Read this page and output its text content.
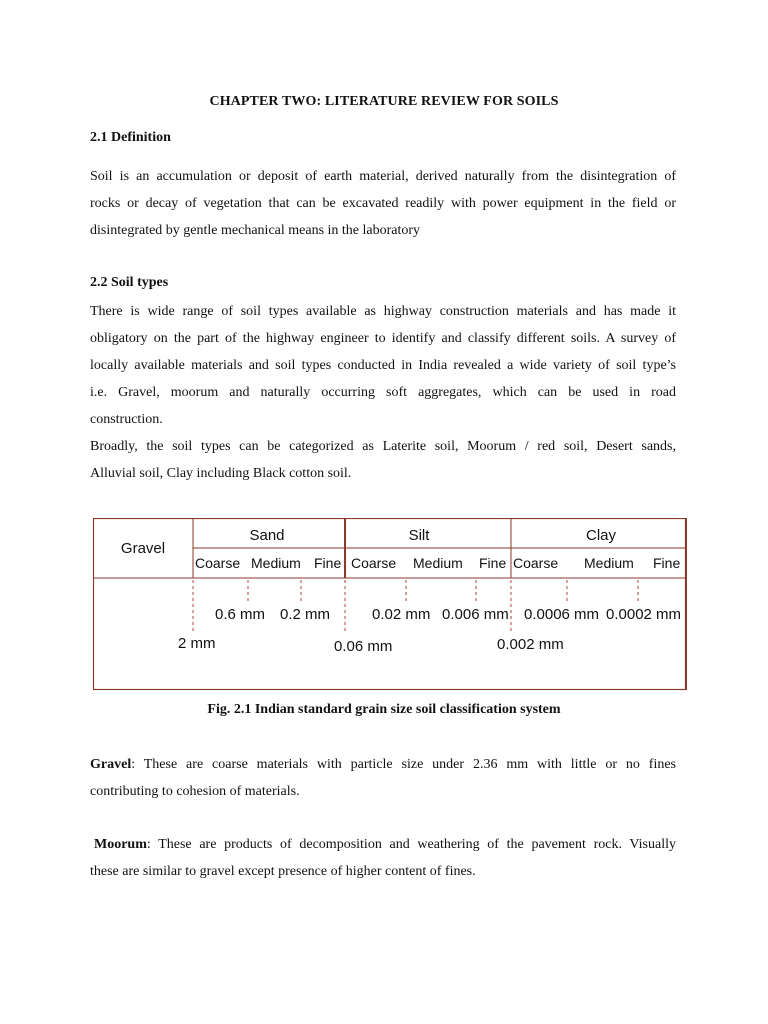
CHAPTER TWO: LITERATURE REVIEW FOR SOILS
2.1 Definition
Soil is an accumulation or deposit of earth material, derived naturally from the disintegration of
rocks or decay of vegetation that can be excavated readily with power equipment in the field or
disintegrated by gentle mechanical means in the laboratory
2.2 Soil types
There is wide range of soil types available as highway construction materials and has made it
obligatory on the part of the highway engineer to identify and classify different soils. A survey of
locally available materials and soil types conducted in India revealed a wide variety of soil type’s
i.e. Gravel, moorum and naturally occurring soft aggregates, which can be used in road
construction.
Broadly, the soil types can be categorized as Laterite soil, Moorum / red soil, Desert sands,
Alluvial soil, Clay including Black cotton soil.
Gravel
Sand	Silt	Clay
Coarse Medium Fine Coarse Medium Fine Coarse Medium Fine
0.6 mm 0.2 mm	0.02 mm 0.006 mm 0.0006 mm 0.0002 mm
2 mm	0.06 mm	0.002 mm
Fig. 2.1 Indian standard grain size soil classification system
Gravel: These are coarse materials with particle size under 2.36 mm with little or no fines
contributing to cohesion of materials.
Moorum: These are products of decomposition and weathering of the pavement rock. Visually
these are similar to gravel except presence of higher content of fines.
